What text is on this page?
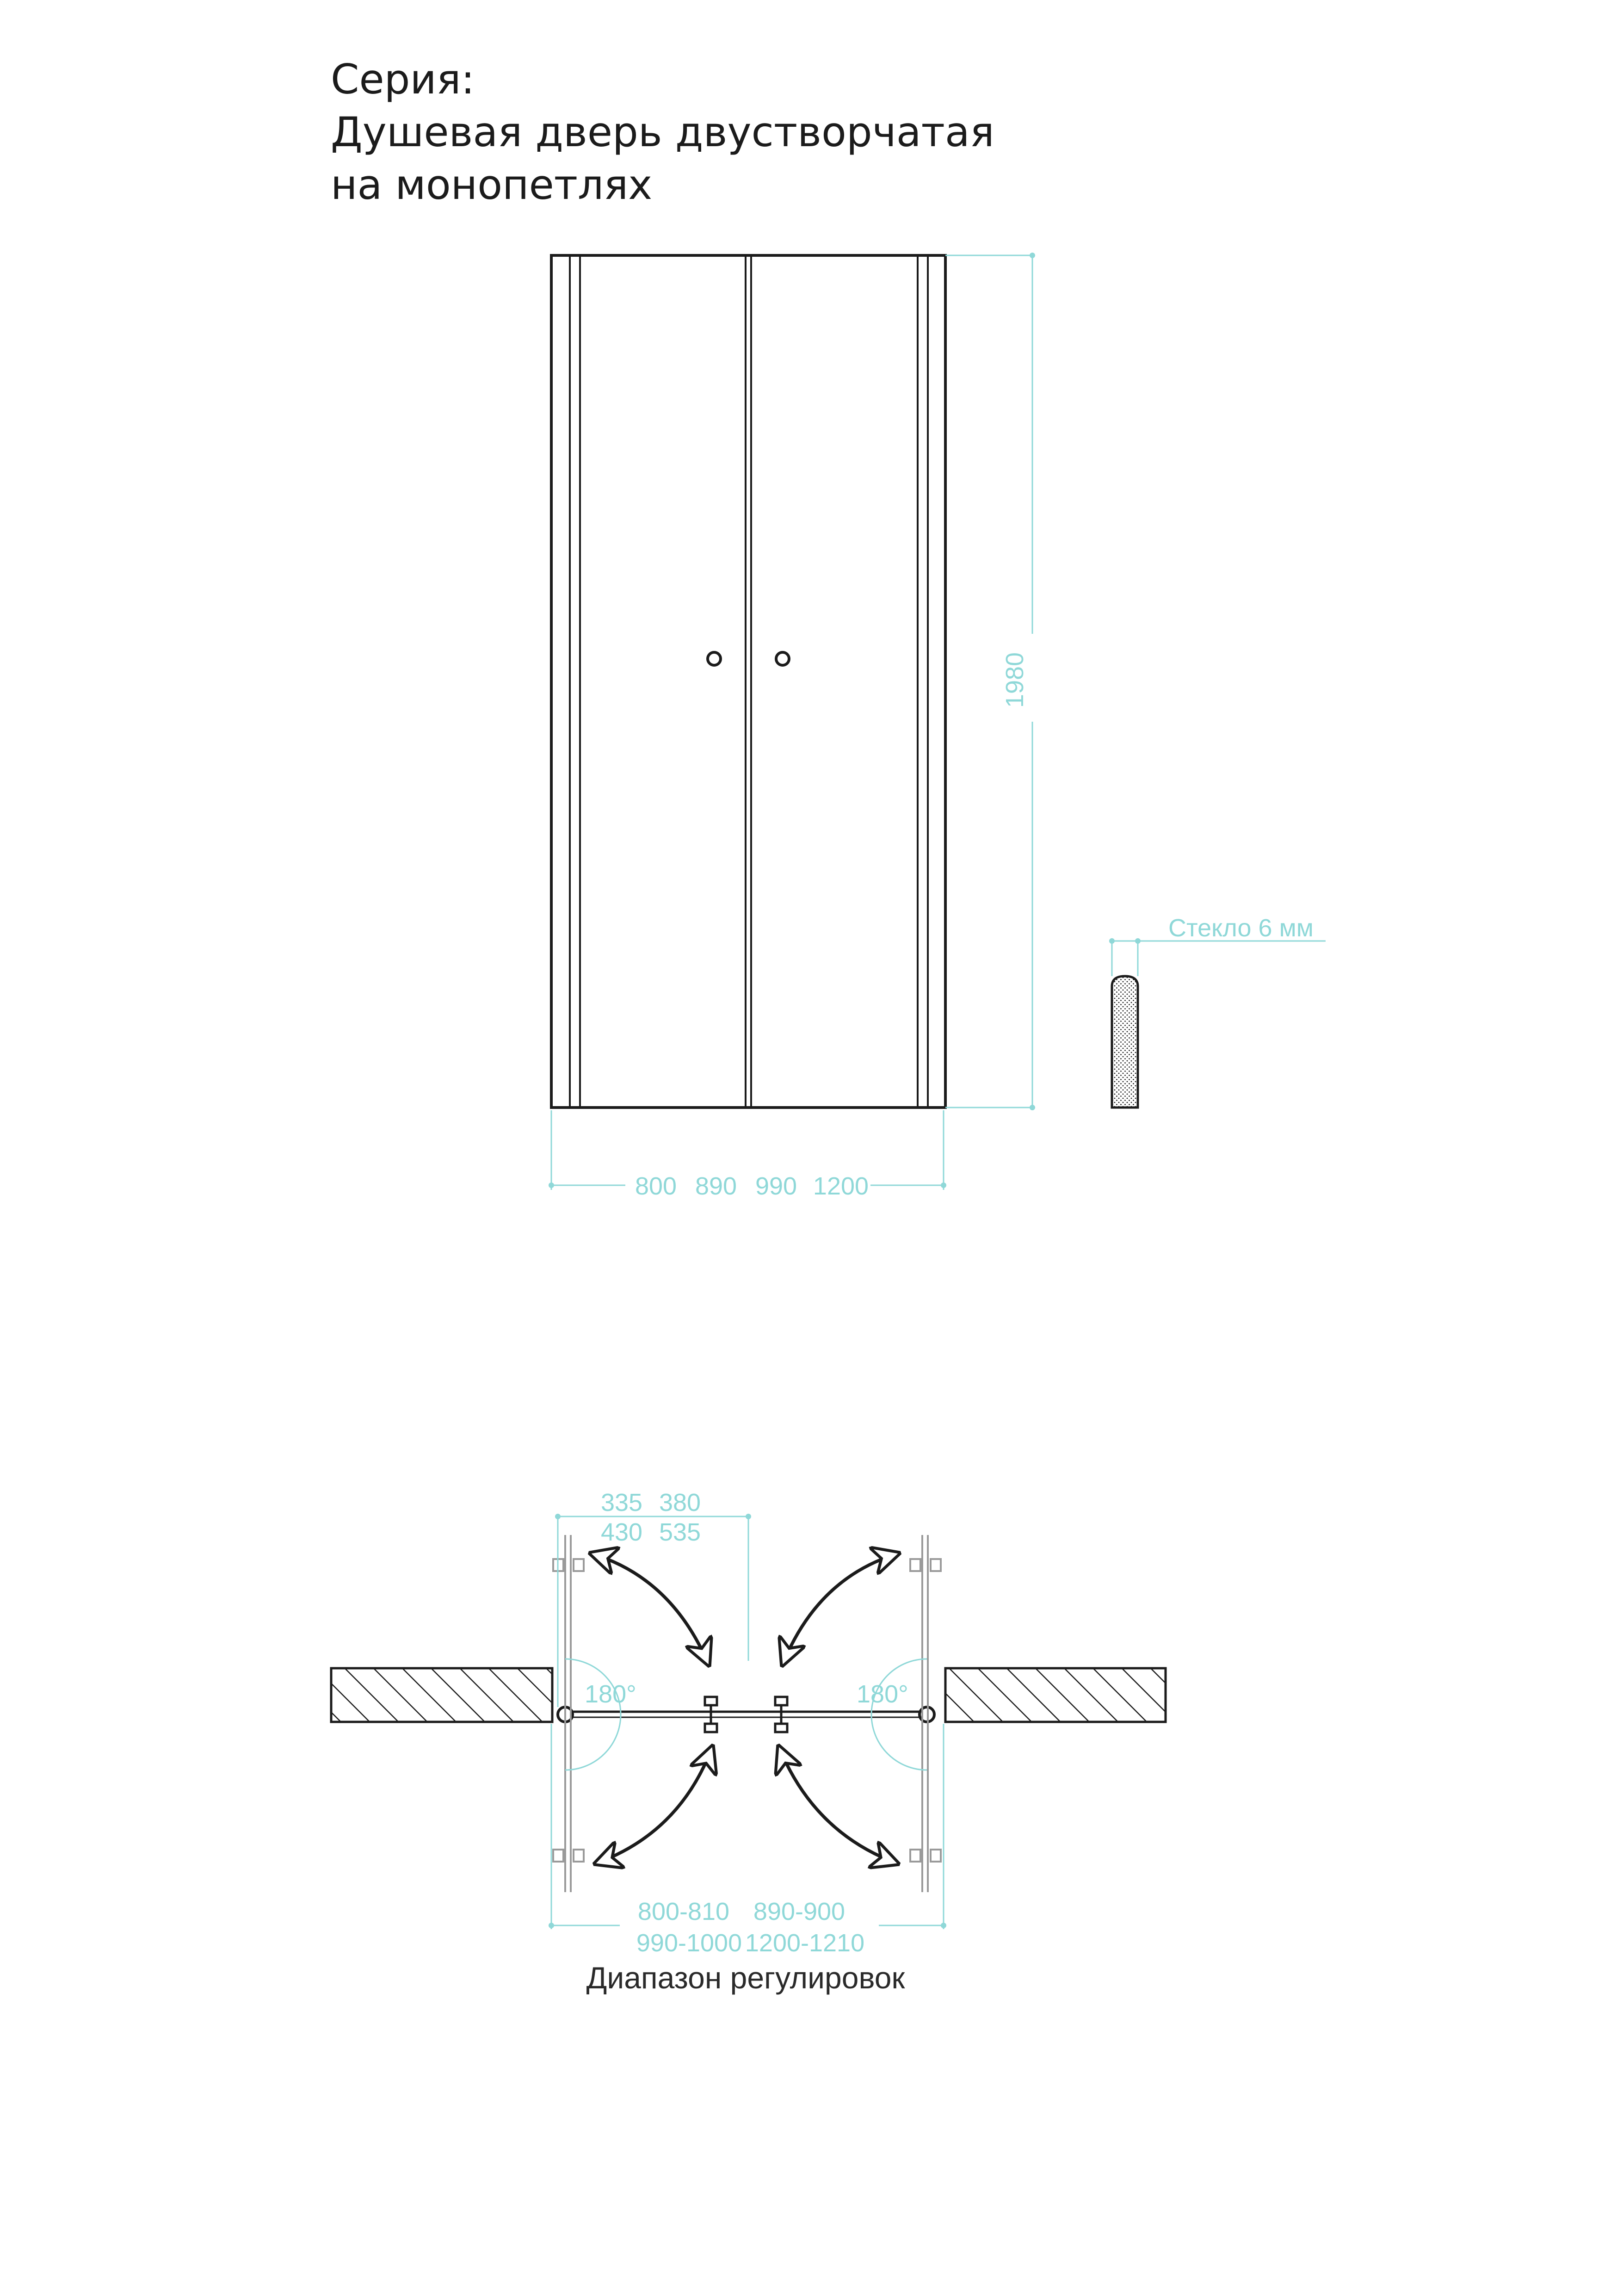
Серия:
Душевая дверь двустворчатая
на монопетлях
1980
800 890 990 1200
Стекло 6 мм
180°	180°
335 380
430 535
800-810 890-900
990-1000 1200-1210
Диапазон регулировок
